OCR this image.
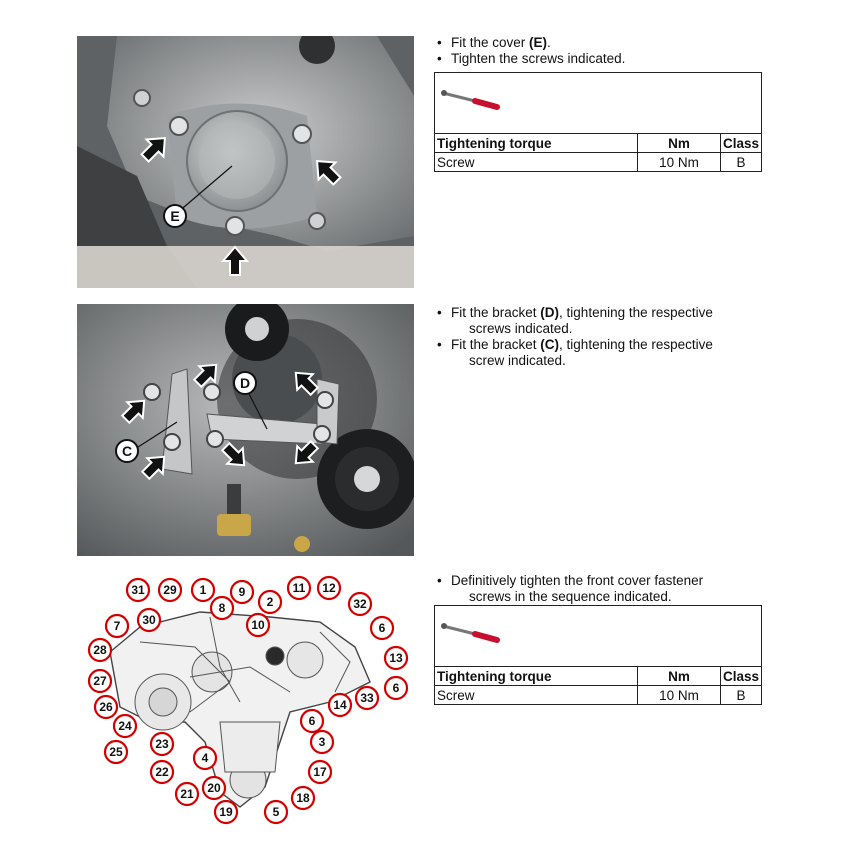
E

• Fit the cover (E).

• Tighten the screws indicated.

Tightening torque	Nm	Class
Screw	10 Nm	B
D
C

• Fit the bracket (D), tightening the respective
screws indicated.

• Fit the bracket (C), tightening the respective
screw indicated.

31 29 1	9	11 12
8	2	32
7 30	10	6
28
13
27	6
26
33
14
24	6
23
25	4
3
22	17
21 20
18
19	5

• Definitively tighten the front cover fastener
screws in the sequence indicated.

Tightening torque	Nm	Class
Screw	10 Nm	B
